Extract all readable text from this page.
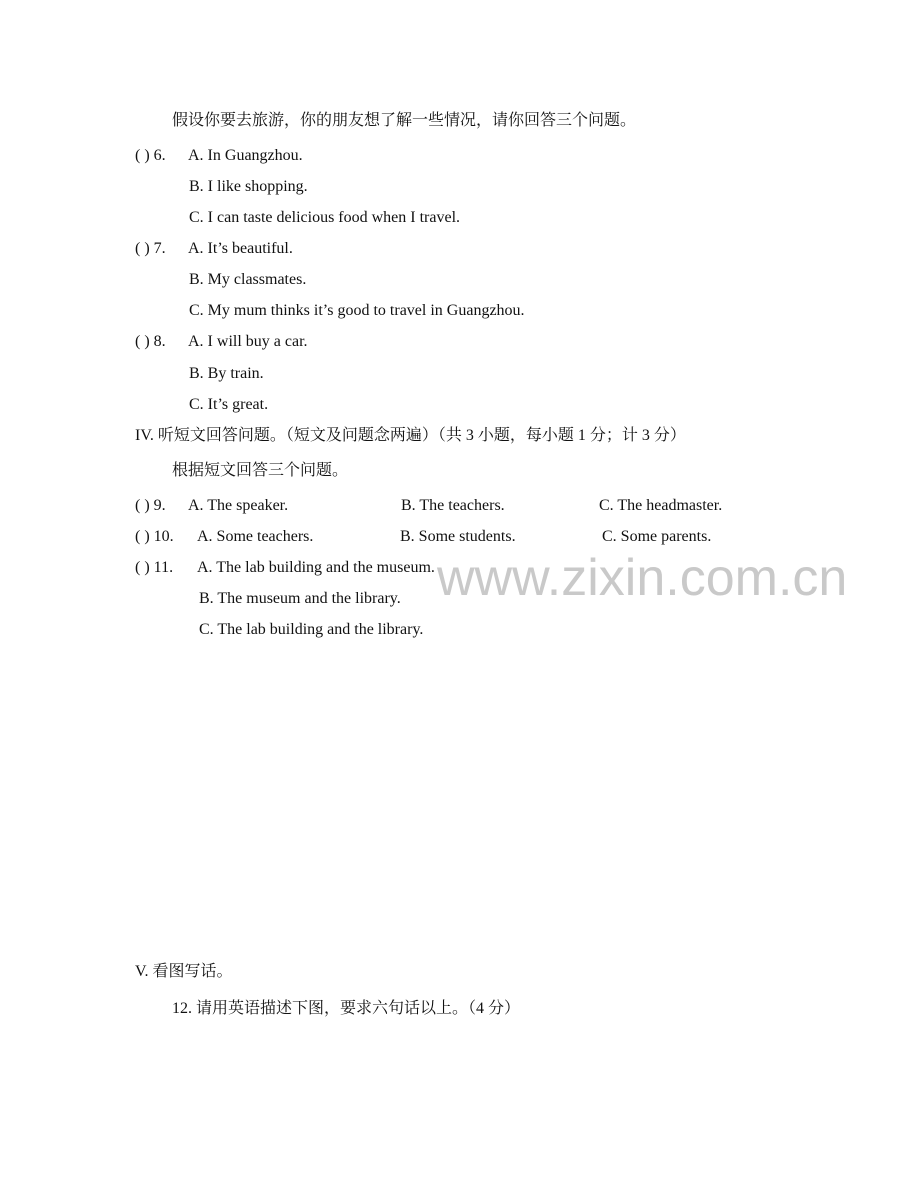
假设你要去旅游，你的朋友想了解一些情况，请你回答三个问题。
( ) 6. A. In Guangzhou.
B. I like shopping.
C. I can taste delicious food when I travel.
( ) 7. A. It’s beautiful.
B. My classmates.
C. My mum thinks it’s good to travel in Guangzhou.
( ) 8. A. I will buy a car.
B. By train.
C. It’s great.
IV. 听短文回答问题。（短文及问题念两遍）（共 3 小题，每小题 1 分；计 3 分）
根据短文回答三个问题。
( ) 9. A. The speaker.	B. The teachers.	C. The headmaster.
( ) 10. A. Some teachers.	B. Some students.	C. Some parents.
www.zixin.com.cn
( ) 11. A. The lab building and the museum.
B. The museum and the library.
C. The lab building and the library.
V. 看图写话。
12. 请用英语描述下图，要求六句话以上。（4 分）
